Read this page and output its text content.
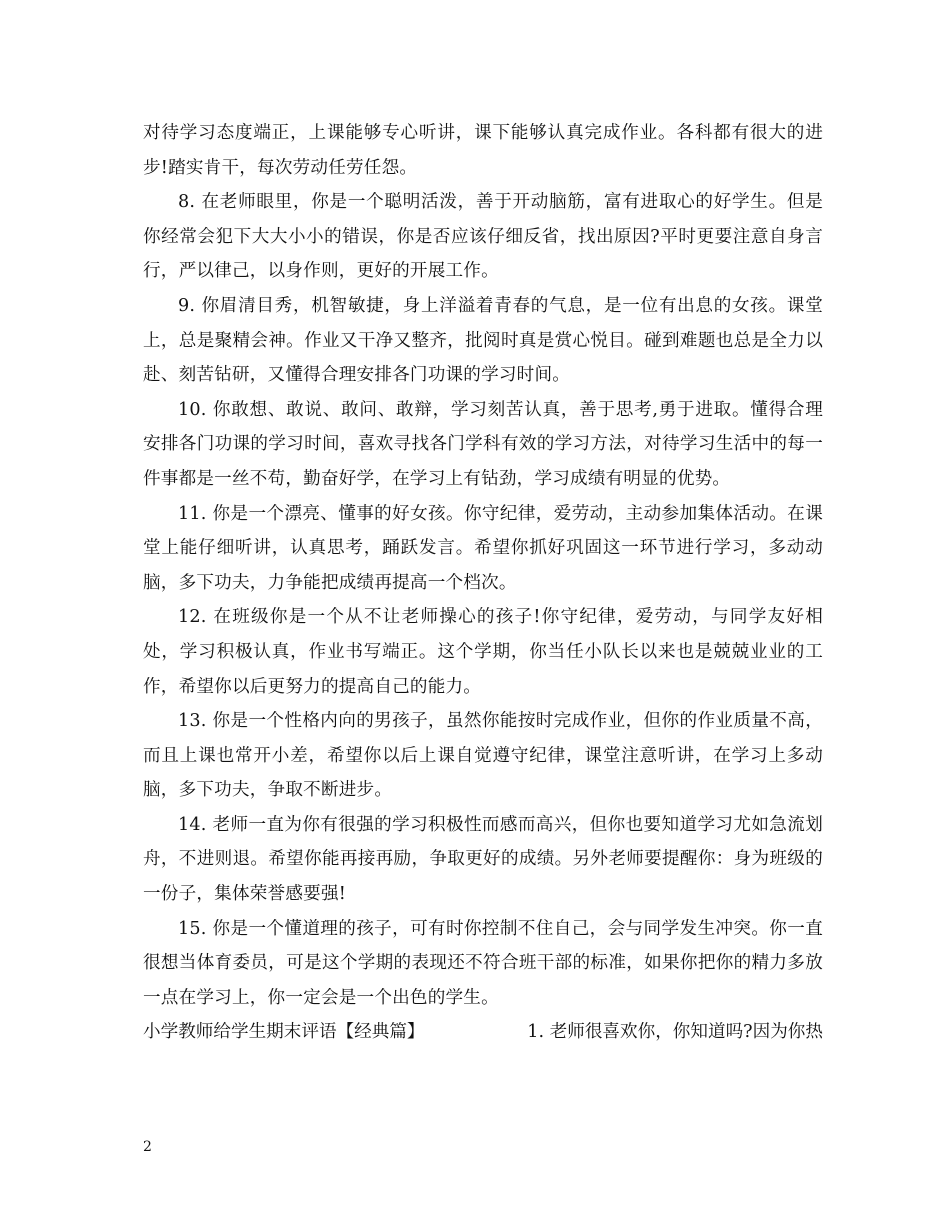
对待学习态度端正，上课能够专心听讲，课下能够认真完成作业。各科都有很大的进步!踏实肯干，每次劳动任劳任怨。

8. 在老师眼里，你是一个聪明活泼，善于开动脑筋，富有进取心的好学生。但是你经常会犯下大大小小的错误，你是否应该仔细反省，找出原因?平时更要注意自身言行，严以律己，以身作则，更好的开展工作。

9. 你眉清目秀，机智敏捷，身上洋溢着青春的气息，是一位有出息的女孩。课堂上，总是聚精会神。作业又干净又整齐，批阅时真是赏心悦目。碰到难题也总是全力以赴、刻苦钻研，又懂得合理安排各门功课的学习时间。

10. 你敢想、敢说、敢问、敢辩，学习刻苦认真，善于思考,勇于进取。懂得合理安排各门功课的学习时间，喜欢寻找各门学科有效的学习方法，对待学习生活中的每一件事都是一丝不苟，勤奋好学，在学习上有钻劲，学习成绩有明显的优势。

11. 你是一个漂亮、懂事的好女孩。你守纪律，爱劳动，主动参加集体活动。在课堂上能仔细听讲，认真思考，踊跃发言。希望你抓好巩固这一环节进行学习，多动动脑，多下功夫，力争能把成绩再提高一个档次。

12. 在班级你是一个从不让老师操心的孩子!你守纪律，爱劳动，与同学友好相处，学习积极认真，作业书写端正。这个学期，你当任小队长以来也是兢兢业业的工作，希望你以后更努力的提高自己的能力。

13. 你是一个性格内向的男孩子，虽然你能按时完成作业，但你的作业质量不高，而且上课也常开小差，希望你以后上课自觉遵守纪律，课堂注意听讲，在学习上多动脑，多下功夫，争取不断进步。

14. 老师一直为你有很强的学习积极性而感而高兴，但你也要知道学习尤如急流划舟，不进则退。希望你能再接再励，争取更好的成绩。另外老师要提醒你：身为班级的一份子，集体荣誉感要强!

15. 你是一个懂道理的孩子，可有时你控制不住自己，会与同学发生冲突。你一直很想当体育委员，可是这个学期的表现还不符合班干部的标准，如果你把你的精力多放一点在学习上，你一定会是一个出色的学生。

小学教师给学生期末评语【经典篇】	1. 老师很喜欢你，你知道吗?因为你热
2
